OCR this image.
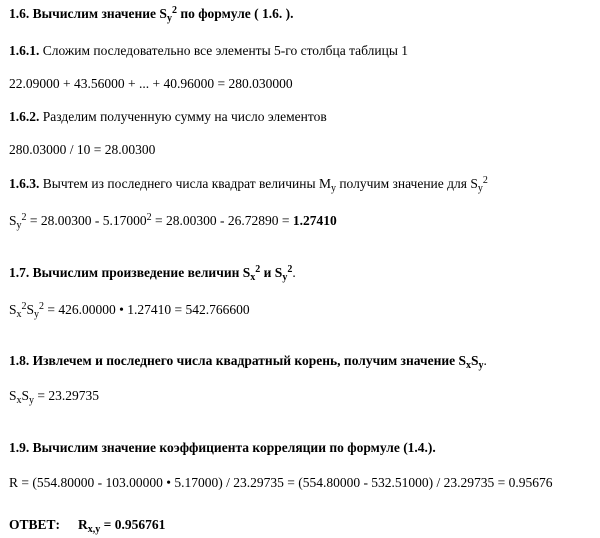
1.6. Вычислим значение $S_y^2$ по формуле ( 1.6. ).
1.6.1. Сложим последовательно все элементы 5-го столбца таблицы 1
22.09000 + 43.56000 + ... + 40.96000 = 280.030000
1.6.2. Разделим полученную сумму на число элементов
280.03000 / 10 = 28.00300
1.6.3. Вычтем из последнего числа квадрат величины $M_y$ получим значение для $S_y^2$
$S_y^2 = 28.00300 - 5.17000^2 = 28.00300 - 26.72890 = 1.27410$
1.7. Вычислим произведение величин $S_x^2$ и $S_y^2$.
$S_x^2S_y^2 = 426.00000$ • 1.27410 = 542.766600
1.8. Извлечем и последнего числа квадратный корень, получим значение $S_xS_y$.
$S_xS_y = 23.29735$
1.9. Вычислим значение коэффициента корреляции по формуле (1.4.).
R = (554.80000 - 103.00000 • 5.17000) / 23.29735 = (554.80000 - 532.51000) / 23.29735 = 0.95676
ОТВЕТ: $R_{x,y} = 0.956761$
